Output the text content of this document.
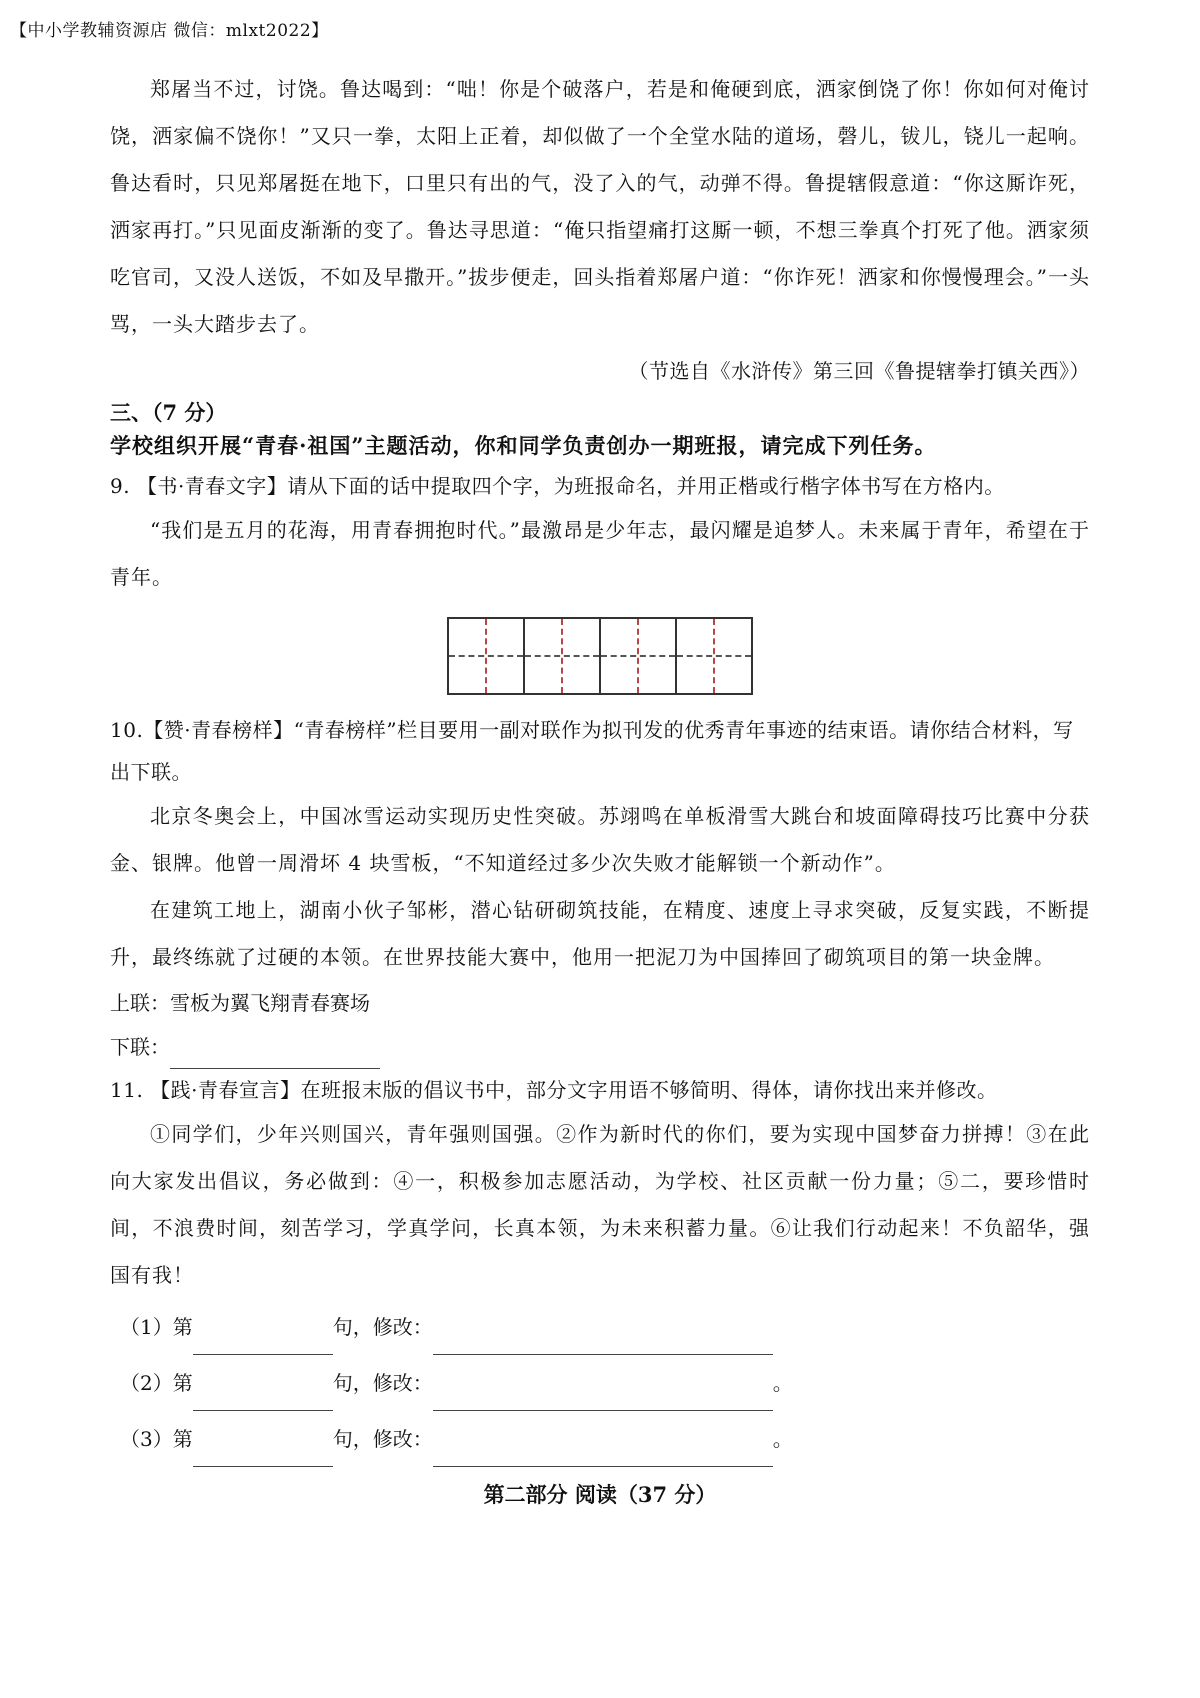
【中小学教辅资源店 微信：mlxt2022】

郑屠当不过，讨饶。鲁达喝到：“咄！你是个破落户，若是和俺硬到底，洒家倒饶了你！你如何对俺讨饶，洒家偏不饶你！”又只一拳，太阳上正着，却似做了一个全堂水陆的道场，磬儿，钹儿，铙儿一起响。鲁达看时，只见郑屠挺在地下，口里只有出的气，没了入的气，动弹不得。鲁提辖假意道：“你这厮诈死，洒家再打。”只见面皮渐渐的变了。鲁达寻思道：“俺只指望痛打这厮一顿，不想三拳真个打死了他。洒家须吃官司，又没人送饭，不如及早撒开。”拔步便走，回头指着郑屠户道：“你诈死！洒家和你慢慢理会。”一头骂，一头大踏步去了。

（节选自《水浒传》第三回《鲁提辖拳打镇关西》）

三、（7 分）

学校组织开展“青春·祖国”主题活动，你和同学负责创办一期班报，请完成下列任务。

9. 【书·青春文字】请从下面的话中提取四个字，为班报命名，并用正楷或行楷字体书写在方格内。

“我们是五月的花海，用青春拥抱时代。”最激昂是少年志，最闪耀是追梦人。未来属于青年，希望在于青年。

10.【赞·青春榜样】“青春榜样”栏目要用一副对联作为拟刊发的优秀青年事迹的结束语。请你结合材料，写出下联。

北京冬奥会上，中国冰雪运动实现历史性突破。苏翊鸣在单板滑雪大跳台和坡面障碍技巧比赛中分获金、银牌。他曾一周滑坏 4 块雪板，“不知道经过多少次失败才能解锁一个新动作”。

在建筑工地上，湖南小伙子邹彬，潜心钻研砌筑技能，在精度、速度上寻求突破，反复实践，不断提升，最终练就了过硬的本领。在世界技能大赛中，他用一把泥刀为中国捧回了砌筑项目的第一块金牌。

上联：雪板为翼飞翔青春赛场

下联：

11. 【践·青春宣言】在班报末版的倡议书中，部分文字用语不够简明、得体，请你找出来并修改。

①同学们，少年兴则国兴，青年强则国强。②作为新时代的你们，要为实现中国梦奋力拼搏！③在此向大家发出倡议，务必做到：④一，积极参加志愿活动，为学校、社区贡献一份力量；⑤二，要珍惜时间，不浪费时间，刻苦学习，学真学问，长真本领，为未来积蓄力量。⑥让我们行动起来！不负韶华，强国有我！

（1）第	句，修改：

（2）第	句，修改：	。

（3）第	句，修改：	。

第二部分 阅读（37 分）
